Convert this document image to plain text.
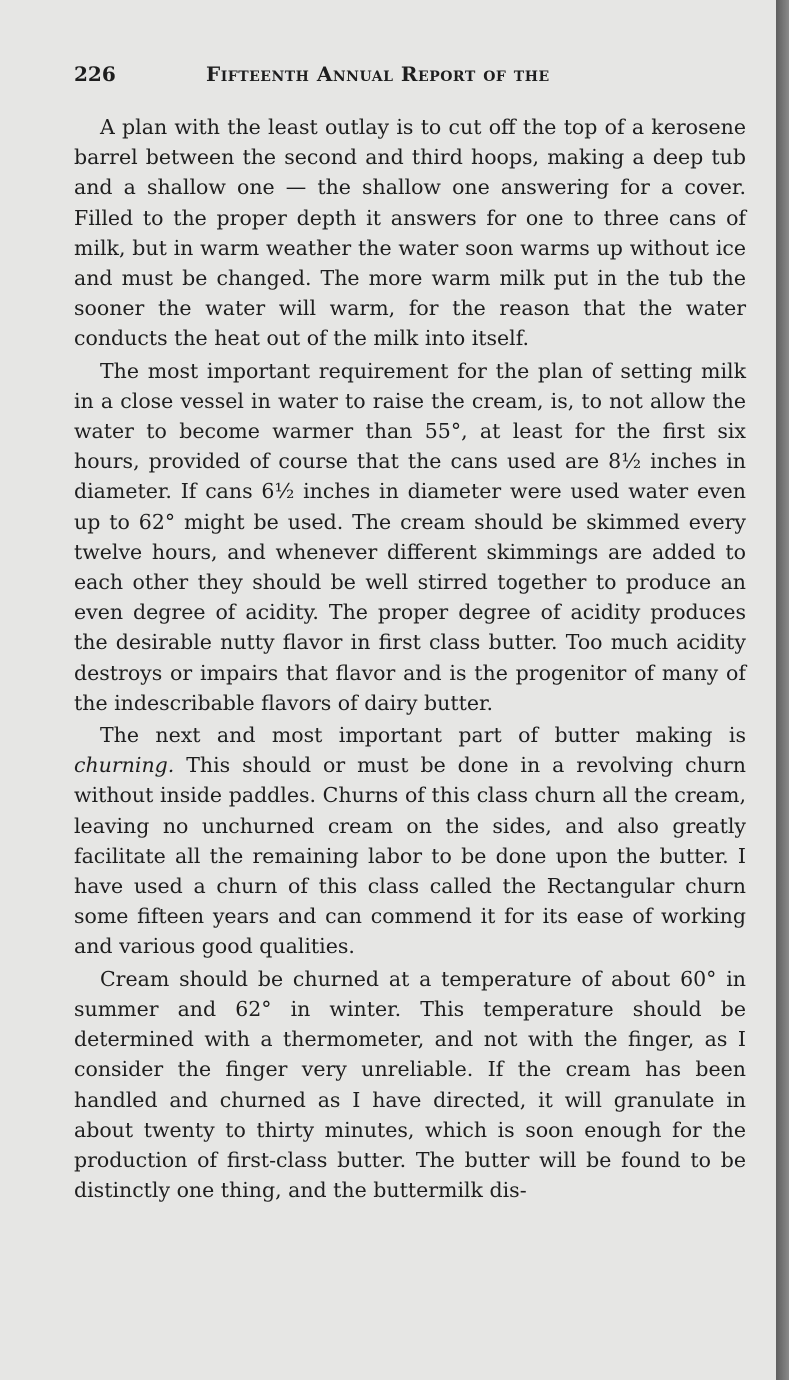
226	Fifteenth Annual Report of the

A plan with the least outlay is to cut off the top of a kerosene barrel between the second and third hoops, making a deep tub and a shallow one — the shallow one answering for a cover. Filled to the proper depth it answers for one to three cans of milk, but in warm weather the water soon warms up without ice and must be changed. The more warm milk put in the tub the sooner the water will warm, for the reason that the water conducts the heat out of the milk into itself.

The most important requirement for the plan of setting milk in a close vessel in water to raise the cream, is, to not allow the water to become warmer than 55°, at least for the first six hours, provided of course that the cans used are 8½ inches in diameter. If cans 6½ inches in diameter were used water even up to 62° might be used. The cream should be skimmed every twelve hours, and whenever different skimmings are added to each other they should be well stirred together to produce an even degree of acidity. The proper degree of acidity produces the desirable nutty flavor in first class butter. Too much acidity destroys or impairs that flavor and is the progenitor of many of the indescribable flavors of dairy butter.

The next and most important part of butter making is churning. This should or must be done in a revolving churn without inside paddles. Churns of this class churn all the cream, leaving no unchurned cream on the sides, and also greatly facilitate all the remaining labor to be done upon the butter. I have used a churn of this class called the Rectangular churn some fifteen years and can commend it for its ease of working and various good qualities.

Cream should be churned at a temperature of about 60° in summer and 62° in winter. This temperature should be determined with a thermometer, and not with the finger, as I consider the finger very unreliable. If the cream has been handled and churned as I have directed, it will granulate in about twenty to thirty minutes, which is soon enough for the production of first-class butter. The butter will be found to be distinctly one thing, and the buttermilk dis-
